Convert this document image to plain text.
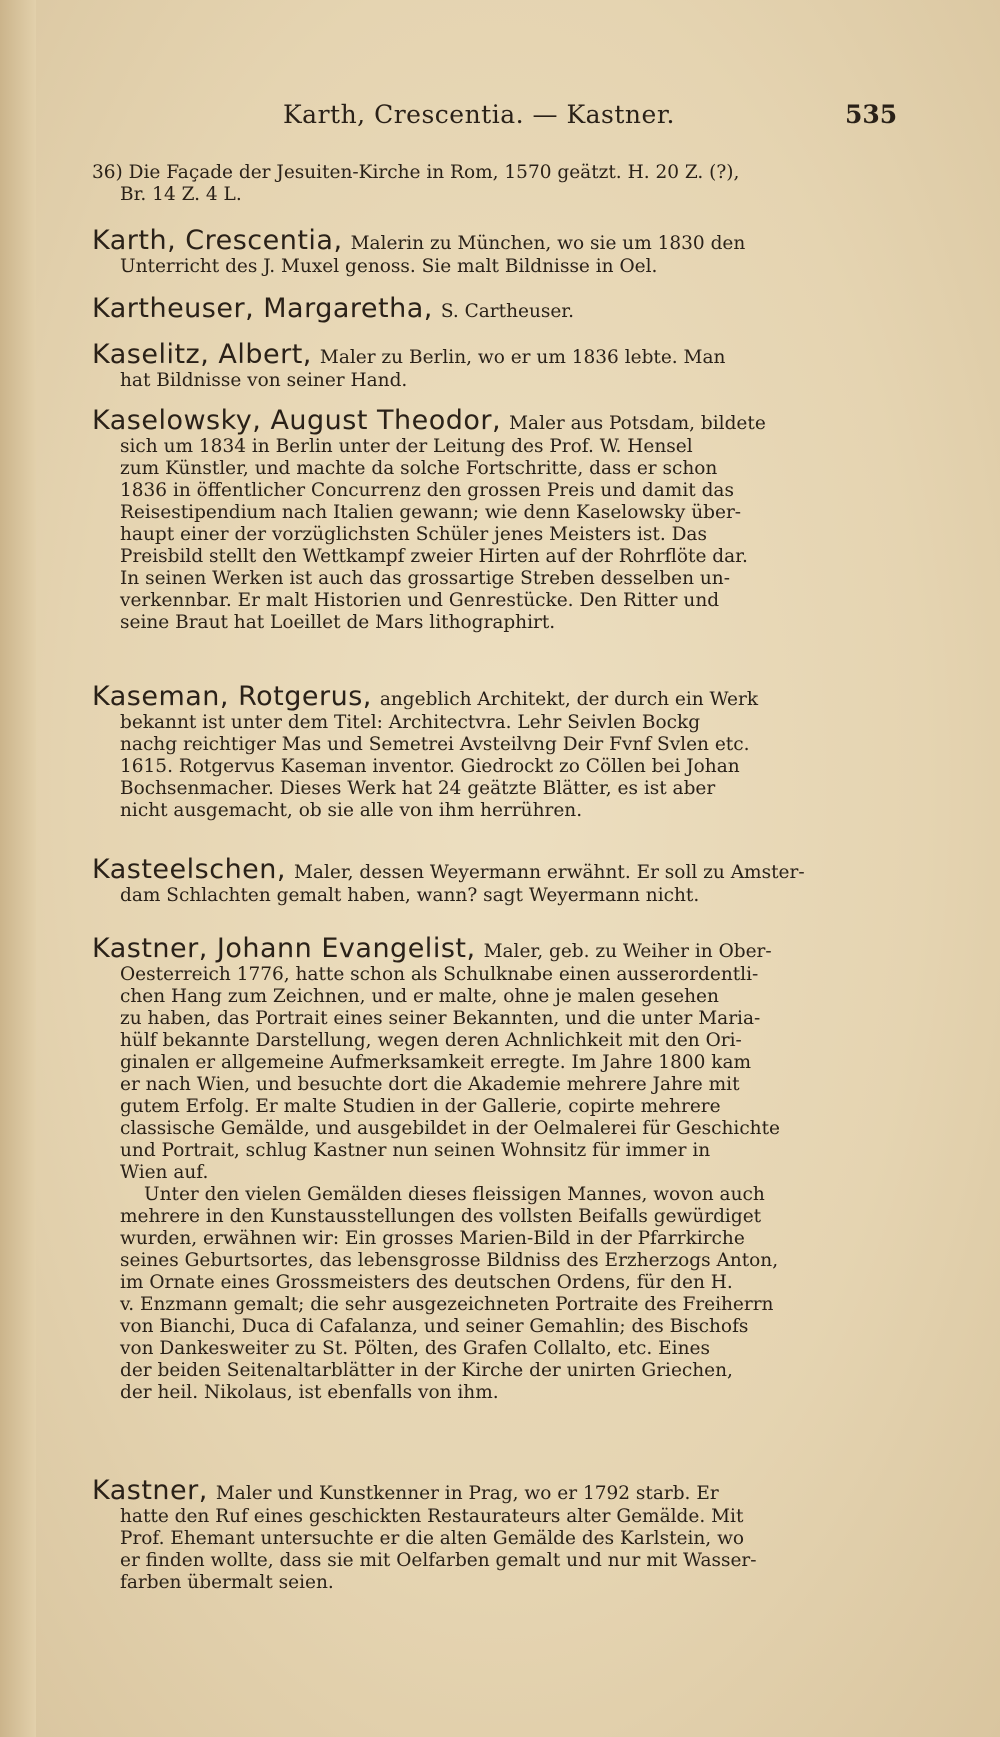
Karth, Crescentia. — Kastner.	535
36) Die Façade der Jesuiten-Kirche in Rom, 1570 geätzt. H. 20 Z. (?),
Br. 14 Z. 4 L.
Karth, Crescentia, Malerin zu München, wo sie um 1830 den
Unterricht des J. Muxel genoss. Sie malt Bildnisse in Oel.
Kartheuser, Margaretha, S. Cartheuser.
Kaselitz, Albert, Maler zu Berlin, wo er um 1836 lebte. Man
hat Bildnisse von seiner Hand.
Kaselowsky, August Theodor, Maler aus Potsdam, bildete
sich um 1834 in Berlin unter der Leitung des Prof. W. Hensel
zum Künstler, und machte da solche Fortschritte, dass er schon
1836 in öffentlicher Concurrenz den grossen Preis und damit das
Reisestipendium nach Italien gewann; wie denn Kaselowsky über-
haupt einer der vorzüglichsten Schüler jenes Meisters ist. Das
Preisbild stellt den Wettkampf zweier Hirten auf der Rohrflöte dar.
In seinen Werken ist auch das grossartige Streben desselben un-
verkennbar. Er malt Historien und Genrestücke. Den Ritter und
seine Braut hat Loeillet de Mars lithographirt.
Kaseman, Rotgerus, angeblich Architekt, der durch ein Werk
bekannt ist unter dem Titel: Architectvra. Lehr Seivlen Bockg
nachg reichtiger Mas und Semetrei Avsteilvng Deir Fvnf Svlen etc.
1615. Rotgervus Kaseman inventor. Giedrockt zo Cöllen bei Johan
Bochsenmacher. Dieses Werk hat 24 geätzte Blätter, es ist aber
nicht ausgemacht, ob sie alle von ihm herrühren.
Kasteelschen, Maler, dessen Weyermann erwähnt. Er soll zu Amster-
dam Schlachten gemalt haben, wann? sagt Weyermann nicht.
Kastner, Johann Evangelist, Maler, geb. zu Weiher in Ober-
Oesterreich 1776, hatte schon als Schulknabe einen ausserordentli-
chen Hang zum Zeichnen, und er malte, ohne je malen gesehen
zu haben, das Portrait eines seiner Bekannten, und die unter Maria-
hülf bekannte Darstellung, wegen deren Achnlichkeit mit den Ori-
ginalen er allgemeine Aufmerksamkeit erregte. Im Jahre 1800 kam
er nach Wien, und besuchte dort die Akademie mehrere Jahre mit
gutem Erfolg. Er malte Studien in der Gallerie, copirte mehrere
classische Gemälde, und ausgebildet in der Oelmalerei für Geschichte
und Portrait, schlug Kastner nun seinen Wohnsitz für immer in
Wien auf.
Unter den vielen Gemälden dieses fleissigen Mannes, wovon auch
mehrere in den Kunstausstellungen des vollsten Beifalls gewürdiget
wurden, erwähnen wir: Ein grosses Marien-Bild in der Pfarrkirche
seines Geburtsortes, das lebensgrosse Bildniss des Erzherzogs Anton,
im Ornate eines Grossmeisters des deutschen Ordens, für den H.
v. Enzmann gemalt; die sehr ausgezeichneten Portraite des Freiherrn
von Bianchi, Duca di Cafalanza, und seiner Gemahlin; des Bischofs
von Dankesweiter zu St. Pölten, des Grafen Collalto, etc. Eines
der beiden Seitenaltarblätter in der Kirche der unirten Griechen,
der heil. Nikolaus, ist ebenfalls von ihm.
Kastner, Maler und Kunstkenner in Prag, wo er 1792 starb. Er
hatte den Ruf eines geschickten Restaurateurs alter Gemälde. Mit
Prof. Ehemant untersuchte er die alten Gemälde des Karlstein, wo
er finden wollte, dass sie mit Oelfarben gemalt und nur mit Wasser-
farben übermalt seien.
